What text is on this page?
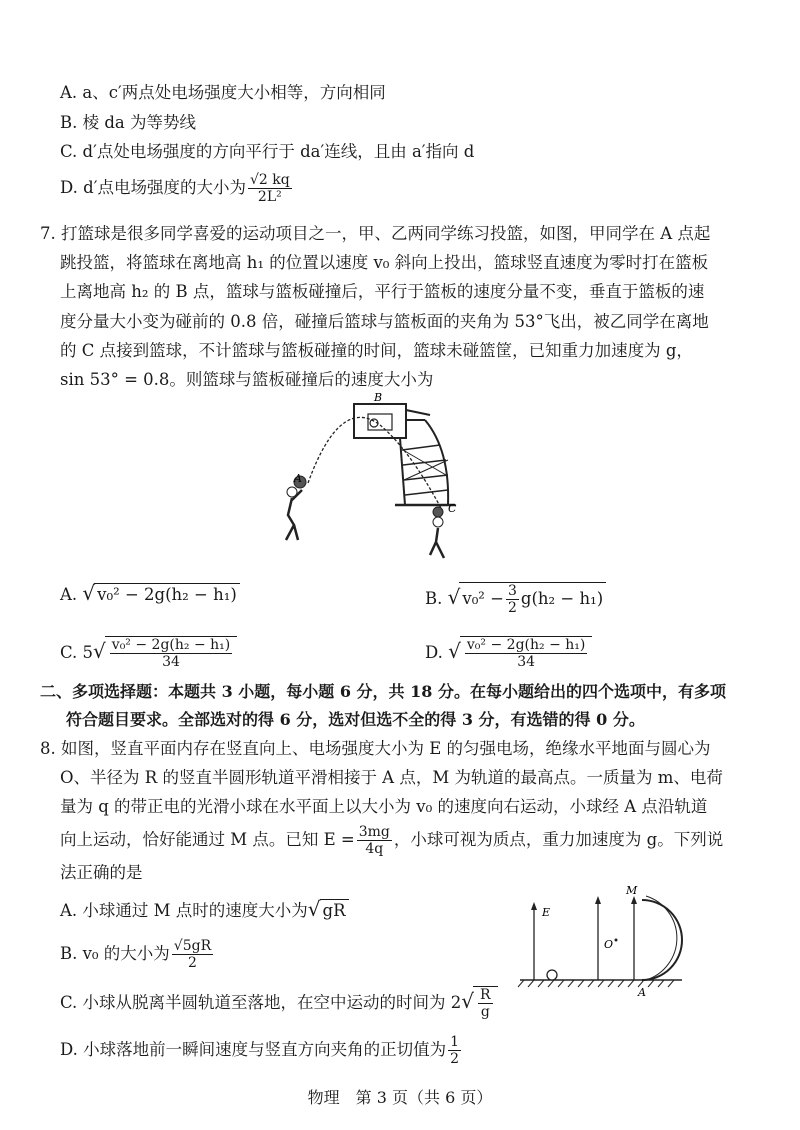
A. a、c′两点处电场强度大小相等，方向相同
B. 棱 da 为等势线
C. d′点处电场强度的方向平行于 da′连线，且由 a′指向 d
D. d′点电场强度的大小为 $\frac{√2 kq}{\text{2L²}}$
7. 打篮球是很多同学喜爱的运动项目之一，甲、乙两同学练习投篮，如图，甲同学在 A 点起
跳投篮，将篮球在离地高 h₁ 的位置以速度 v₀ 斜向上投出，篮球竖直速度为零时打在篮板
上离地高 h₂ 的 B 点，篮球与篮板碰撞后，平行于篮板的速度分量不变，垂直于篮板的速
度分量大小变为碰前的 0.8 倍，碰撞后篮球与篮板面的夹角为 53°飞出，被乙同学在离地
的 C 点接到篮球，不计篮球与篮板碰撞的时间，篮球未碰篮筐，已知重力加速度为 g，
sin 53° = 0.8。则篮球与篮板碰撞后的速度大小为
A
B
C
A. √ v₀² − 2g(h₂ − h₁)	B. √ $v_0^2 - \frac{3}{2} g(h_2 - h_1)$
C. $5√ \frac{\text{v₀² − 2g(h₂ − h₁)}}{34}$	D. √ $\frac{\text{v₀² − 2g(h₂ − h₁)}}{34}$
二、多项选择题：本题共 3 小题，每小题 6 分，共 18 分。在每小题给出的四个选项中，有多项
符合题目要求。全部选对的得 6 分，选对但选不全的得 3 分，有选错的得 0 分。
8. 如图，竖直平面内存在竖直向上、电场强度大小为 E 的匀强电场，绝缘水平地面与圆心为
O、半径为 R 的竖直半圆形轨道平滑相接于 A 点，M 为轨道的最高点。一质量为 m、电荷
量为 q 的带正电的光滑小球在水平面上以大小为 v₀ 的速度向右运动，小球经 A 点沿轨道
向上运动，恰好能通过 M 点。已知 $E = \frac{3mg}{4q}$ ，小球可视为质点，重力加速度为 g。下列说
法正确的是
A. 小球通过 M 点时的速度大小为√ gR
B. v₀ 的大小为 $\frac{√5gR}{2}$
C. 小球从脱离半圆轨道至落地，在空中运动的时间为 $2√ \frac{R}{g}$
D. 小球落地前一瞬间速度与竖直方向夹角的正切值为 $\frac{1}{2}$
E
O
M
A
物理　第 3 页（共 6 页）
